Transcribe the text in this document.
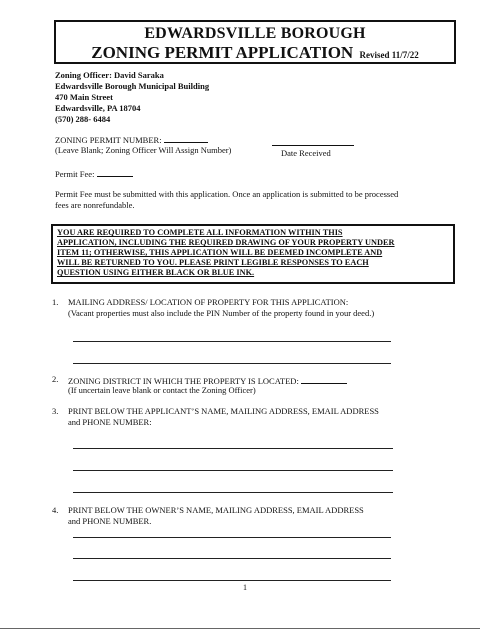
EDWARDSVILLE BOROUGH
ZONING PERMIT APPLICATION Revised 11/7/22
Zoning Officer: David Saraka
Edwardsville Borough Municipal Building
470 Main Street
Edwardsville, PA 18704
(570) 288- 6484
ZONING PERMIT NUMBER:
(Leave Blank; Zoning Officer Will Assign Number)	Date Received
Permit Fee:
Permit Fee must be submitted with this application. Once an application is submitted to be processed
fees are nonrefundable.
YOU ARE REQUIRED TO COMPLETE ALL INFORMATION WITHIN THIS
APPLICATION, INCLUDING THE REQUIRED DRAWING OF YOUR PROPERTY UNDER
ITEM 11; OTHERWISE, THIS APPLICATION WILL BE DEEMED INCOMPLETE AND
WILL BE RETURNED TO YOU. PLEASE PRINT LEGIBLE RESPONSES TO EACH
QUESTION USING EITHER BLACK OR BLUE INK.
1. MAILING ADDRESS/ LOCATION OF PROPERTY FOR THIS APPLICATION:
(Vacant properties must also include the PIN Number of the property found in your deed.)
2. ZONING DISTRICT IN WHICH THE PROPERTY IS LOCATED:
(If uncertain leave blank or contact the Zoning Officer)
3. PRINT BELOW THE APPLICANT’S NAME, MAILING ADDRESS, EMAIL ADDRESS
and PHONE NUMBER:
4. PRINT BELOW THE OWNER’S NAME, MAILING ADDRESS, EMAIL ADDRESS
and PHONE NUMBER.
1
